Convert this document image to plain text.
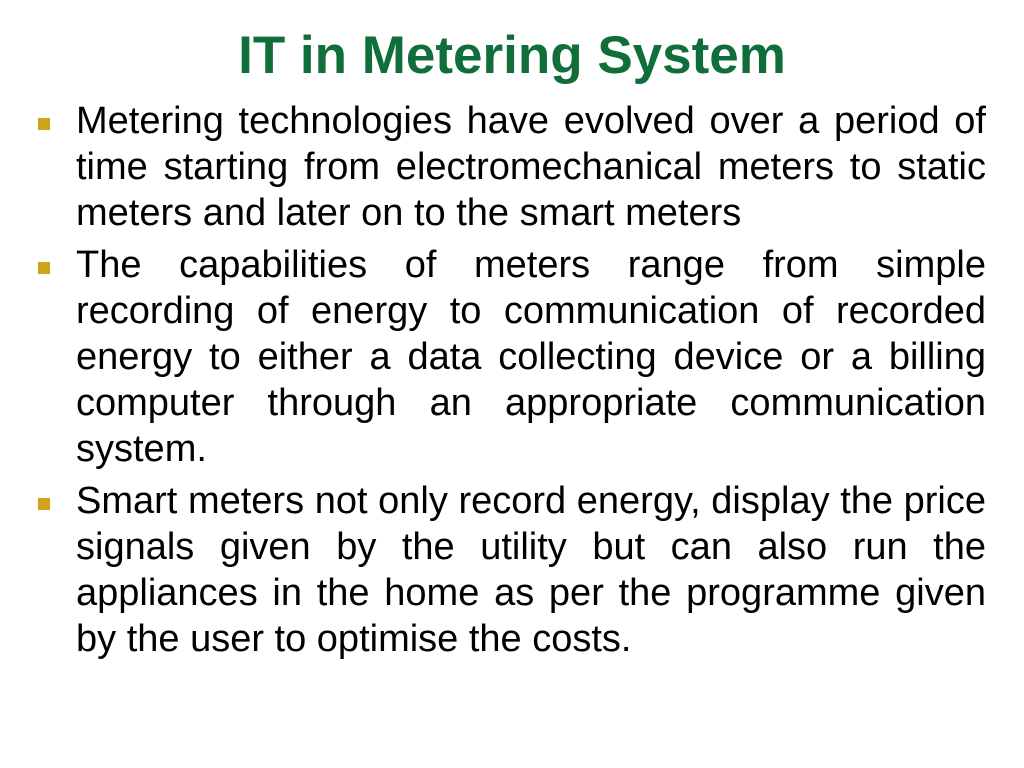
IT in Metering System
Metering technologies have evolved over a period of time starting from electromechanical meters to static meters and later on to the smart meters
The capabilities of meters range from simple recording of energy to communication of recorded energy to either a data collecting device or a billing computer through an appropriate communication system.
Smart meters not only record energy, display the price signals given by the utility but can also run the appliances in the home as per the programme given by the user to optimise the costs.
